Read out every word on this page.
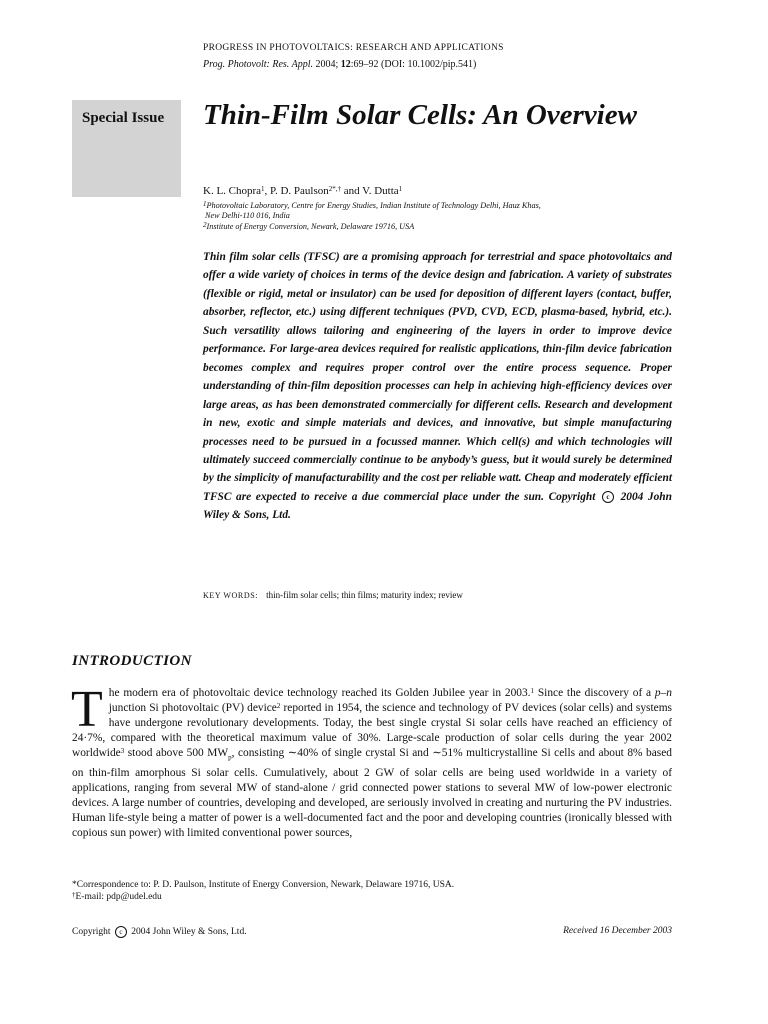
PROGRESS IN PHOTOVOLTAICS: RESEARCH AND APPLICATIONS
Prog. Photovolt: Res. Appl. 2004; 12:69–92 (DOI: 10.1002/pip.541)
Special Issue Thin-Film Solar Cells: An Overview
K. L. Chopra$^1$, P. D. Paulson$^{2*,\dagger}$ and V. Dutta$^1$
$^1$Photovoltaic Laboratory, Centre for Energy Studies, Indian Institute of Technology Delhi, Hauz Khas,
New Delhi-110 016, India
$^2$Institute of Energy Conversion, Newark, Delaware 19716, USA
Thin film solar cells (TFSC) are a promising approach for terrestrial and space photovoltaics and offer a wide variety of choices in terms of the device design and fabrication. A variety of substrates (flexible or rigid, metal or insulator) can be used for deposition of different layers (contact, buffer, absorber, reflector, etc.) using different techniques (PVD, CVD, ECD, plasma-based, hybrid, etc.). Such versatility allows tailoring and engineering of the layers in order to improve device performance. For large-area devices required for realistic applications, thin-film device fabrication becomes complex and requires proper control over the entire process sequence. Proper understanding of thin-film deposition processes can help in achieving high-efficiency devices over large areas, as has been demonstrated commercially for different cells. Research and development in new, exotic and simple materials and devices, and innovative, but simple manufacturing processes need to be pursued in a focussed manner. Which cell(s) and which technologies will ultimately succeed commercially continue to be anybody’s guess, but it would surely be determined by the simplicity of manufacturability and the cost per reliable watt. Cheap and moderately efficient TFSC are expected to receive a due commercial place under the sun. Copyright c 2004 John Wiley & Sons, Ltd.
KEY WORDS: thin-film solar cells; thin films; maturity index; review
INTRODUCTION
The modern era of photovoltaic device technology reached its Golden Jubilee year in 2003.$^1$ Since the discovery of a p–n junction Si photovoltaic (PV) device$^2$ reported in 1954, the science and technology of PV devices (solar cells) and systems have undergone revolutionary developments. Today, the best single crystal Si solar cells have reached an efficiency of 24·7%, compared with the theoretical maximum value of 30%. Large-scale production of solar cells during the year 2002 worldwide$^3$ stood above 500 $MW_p$, consisting ∼40% of single crystal Si and ∼51% multicrystalline Si cells and about 8% based on thin-film amorphous Si solar cells. Cumulatively, about 2 GW of solar cells are being used worldwide in a variety of applications, ranging from several MW of stand-alone / grid connected power stations to several MW of low-power electronic devices. A large number of countries, developing and developed, are seriously involved in creating and nurturing the PV industries. Human life-style being a matter of power is a well-documented fact and the poor and developing countries (ironically blessed with copious sun power) with limited conventional power sources,
*Correspondence to: P. D. Paulson, Institute of Energy Conversion, Newark, Delaware 19716, USA.
†E-mail: pdp@udel.edu
Copyright c 2004 John Wiley & Sons, Ltd.	Received 16 December 2003
